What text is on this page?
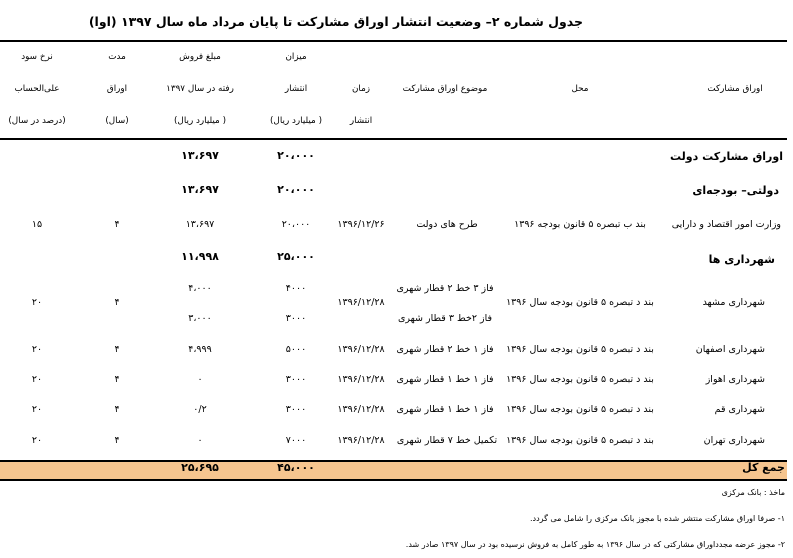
جدول شماره ۲– وضعیت انتشار اوراق مشارکت تا پایان مرداد ماه سال ۱۳۹۷ (اوا)
اوراق مشارکت
محل
موضوع اوراق مشارکت
زمان
انتشار
میزان
انتشار
( میلیارد ریال)
مبلغ فروش
رفته در سال ۱۳۹۷
( میلیارد ریال)
مدت
اوراق
(سال)
نرخ سود
علی‌الحساب
(درصد در سال)
اوراق مشارکت دولت
۲۰،۰۰۰
۱۳،۶۹۷
دولتی– بودجه‌ای
۲۰،۰۰۰
۱۳،۶۹۷
وزارت امور اقتصاد و دارایی
بند ب تبصره ۵ قانون بودجه ۱۳۹۶
طرح های دولت
۱۳۹۶/۱۲/۲۶
۲۰،۰۰۰
۱۳،۶۹۷
۴
۱۵
شهرداری ها
۲۵،۰۰۰
۱۱،۹۹۸
شهرداری مشهد
بند د تبصره ۵ قانون بودجه سال ۱۳۹۶
فاز ۳ خط ۲ قطار شهری
فاز ۲خط ۳ قطار شهری
۱۳۹۶/۱۲/۲۸
۴۰۰۰
۳۰۰۰
۴،۰۰۰
۳،۰۰۰
۴
۲۰
شهرداری اصفهان
بند د تبصره ۵ قانون بودجه سال ۱۳۹۶
فاز ۱ خط ۲ قطار شهری
۱۳۹۶/۱۲/۲۸
۵۰۰۰
۴،۹۹۹
۴
۲۰
شهرداری اهواز
بند د تبصره ۵ قانون بودجه سال ۱۳۹۶
فاز ۱ خط ۱ قطار شهری
۱۳۹۶/۱۲/۲۸
۳۰۰۰
۰
۴
۲۰
شهرداری قم
بند د تبصره ۵ قانون بودجه سال ۱۳۹۶
فاز ۱ خط ۱ قطار شهری
۱۳۹۶/۱۲/۲۸
۳۰۰۰
۰/۲
۴
۲۰
شهرداری تهران
بند د تبصره ۵ قانون بودجه سال ۱۳۹۶
تکمیل خط ۷ قطار شهری
۱۳۹۶/۱۲/۲۸
۷۰۰۰
۰
۴
۲۰
جمع کل
۴۵،۰۰۰
۲۵،۶۹۵
ماخذ : بانک مرکزی
۱- صرفا اوراق مشارکت منتشر شده با مجوز بانک مرکزی را شامل می گردد.
۲- مجوز عرضه مجدداوراق مشارکتی که در سال ۱۳۹۶ به طور کامل به فروش نرسیده بود در سال ۱۳۹۷ صادر شد.
